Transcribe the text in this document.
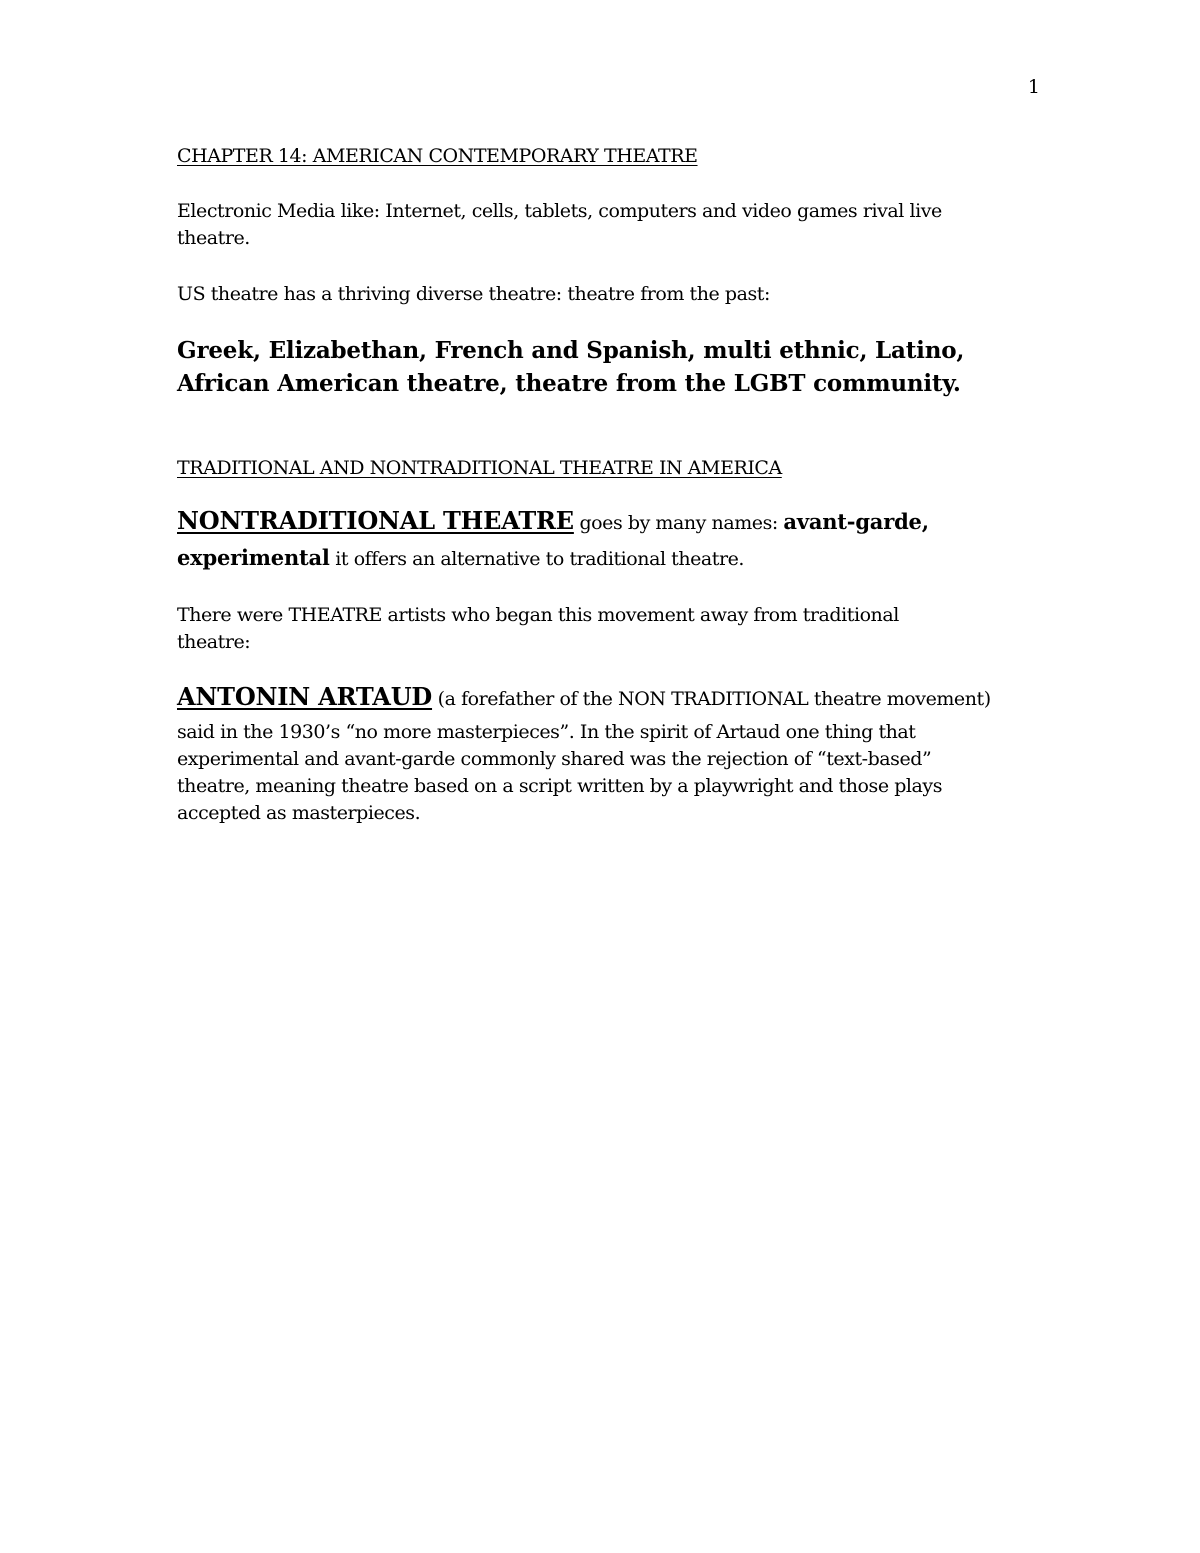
1
CHAPTER 14: AMERICAN CONTEMPORARY THEATRE
Electronic Media like: Internet, cells, tablets, computers and video games rival live
theatre.
US theatre has a thriving diverse theatre: theatre from the past:
Greek, Elizabethan, French and Spanish, multi ethnic, Latino,
African American theatre, theatre from the LGBT community.
TRADITIONAL AND NONTRADITIONAL THEATRE IN AMERICA
NONTRADITIONAL THEATRE goes by many names: avant-garde,
experimental it offers an alternative to traditional theatre.
There were THEATRE artists who began this movement away from traditional
theatre:
ANTONIN ARTAUD (a forefather of the NON TRADITIONAL theatre movement)
said in the 1930’s “no more masterpieces”. In the spirit of Artaud one thing that
experimental and avant-garde commonly shared was the rejection of “text-based”
theatre, meaning theatre based on a script written by a playwright and those plays
accepted as masterpieces.
